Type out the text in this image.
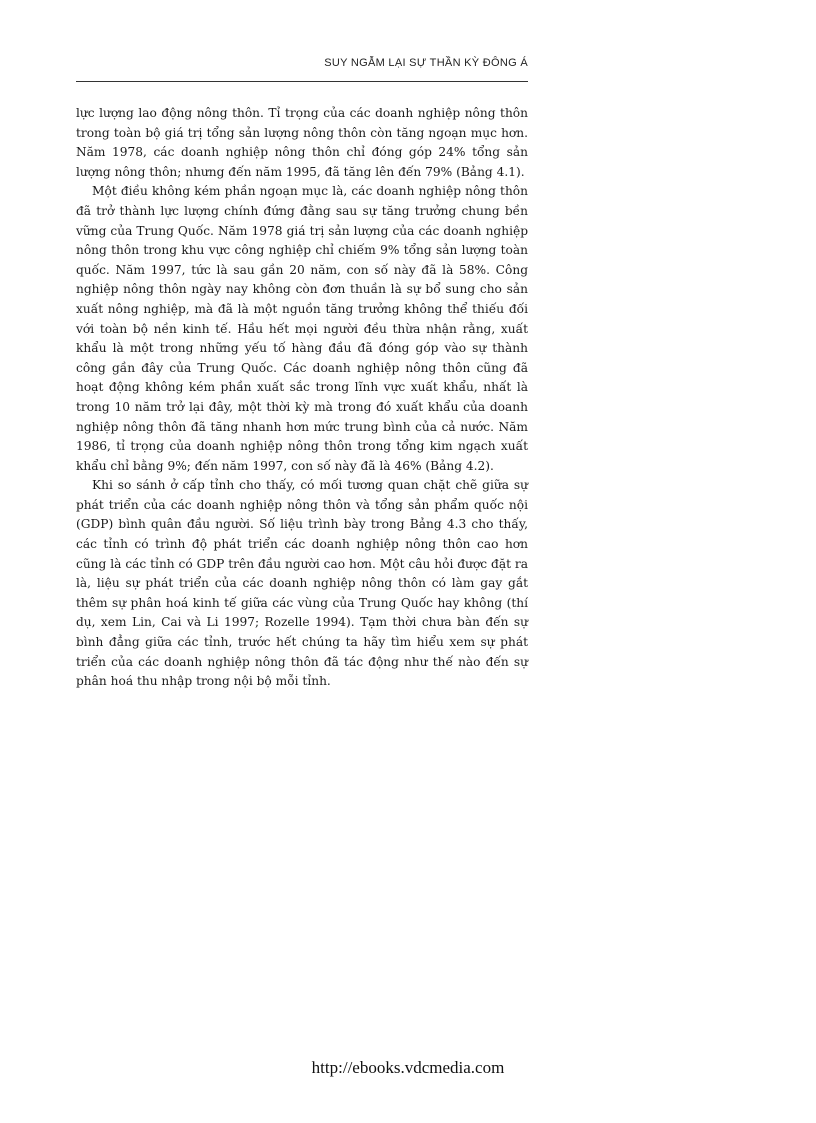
SUY NGẪM LẠI SỰ THẦN KỲ ĐÔNG Á

lực lượng lao động nông thôn. Tỉ trọng của các doanh nghiệp nông thôn trong toàn bộ giá trị tổng sản lượng nông thôn còn tăng ngoạn mục hơn. Năm 1978, các doanh nghiệp nông thôn chỉ đóng góp 24% tổng sản lượng nông thôn; nhưng đến năm 1995, đã tăng lên đến 79% (Bảng 4.1).

Một điều không kém phần ngoạn mục là, các doanh nghiệp nông thôn đã trở thành lực lượng chính đứng đằng sau sự tăng trưởng chung bền vững của Trung Quốc. Năm 1978 giá trị sản lượng của các doanh nghiệp nông thôn trong khu vực công nghiệp chỉ chiếm 9% tổng sản lượng toàn quốc. Năm 1997, tức là sau gần 20 năm, con số này đã là 58%. Công nghiệp nông thôn ngày nay không còn đơn thuần là sự bổ sung cho sản xuất nông nghiệp, mà đã là một nguồn tăng trưởng không thể thiếu đối với toàn bộ nền kinh tế. Hầu hết mọi người đều thừa nhận rằng, xuất khẩu là một trong những yếu tố hàng đầu đã đóng góp vào sự thành công gần đây của Trung Quốc. Các doanh nghiệp nông thôn cũng đã hoạt động không kém phần xuất sắc trong lĩnh vực xuất khẩu, nhất là trong 10 năm trở lại đây, một thời kỳ mà trong đó xuất khẩu của doanh nghiệp nông thôn đã tăng nhanh hơn mức trung bình của cả nước. Năm 1986, tỉ trọng của doanh nghiệp nông thôn trong tổng kim ngạch xuất khẩu chỉ bằng 9%; đến năm 1997, con số này đã là 46% (Bảng 4.2).

Khi so sánh ở cấp tỉnh cho thấy, có mối tương quan chặt chẽ giữa sự phát triển của các doanh nghiệp nông thôn và tổng sản phẩm quốc nội (GDP) bình quân đầu người. Số liệu trình bày trong Bảng 4.3 cho thấy, các tỉnh có trình độ phát triển các doanh nghiệp nông thôn cao hơn cũng là các tỉnh có GDP trên đầu người cao hơn. Một câu hỏi được đặt ra là, liệu sự phát triển của các doanh nghiệp nông thôn có làm gay gắt thêm sự phân hoá kinh tế giữa các vùng của Trung Quốc hay không (thí dụ, xem Lin, Cai và Li 1997; Rozelle 1994). Tạm thời chưa bàn đến sự bình đẳng giữa các tỉnh, trước hết chúng ta hãy tìm hiểu xem sự phát triển của các doanh nghiệp nông thôn đã tác động như thế nào đến sự phân hoá thu nhập trong nội bộ mỗi tỉnh.

http://ebooks.vdcmedia.com
